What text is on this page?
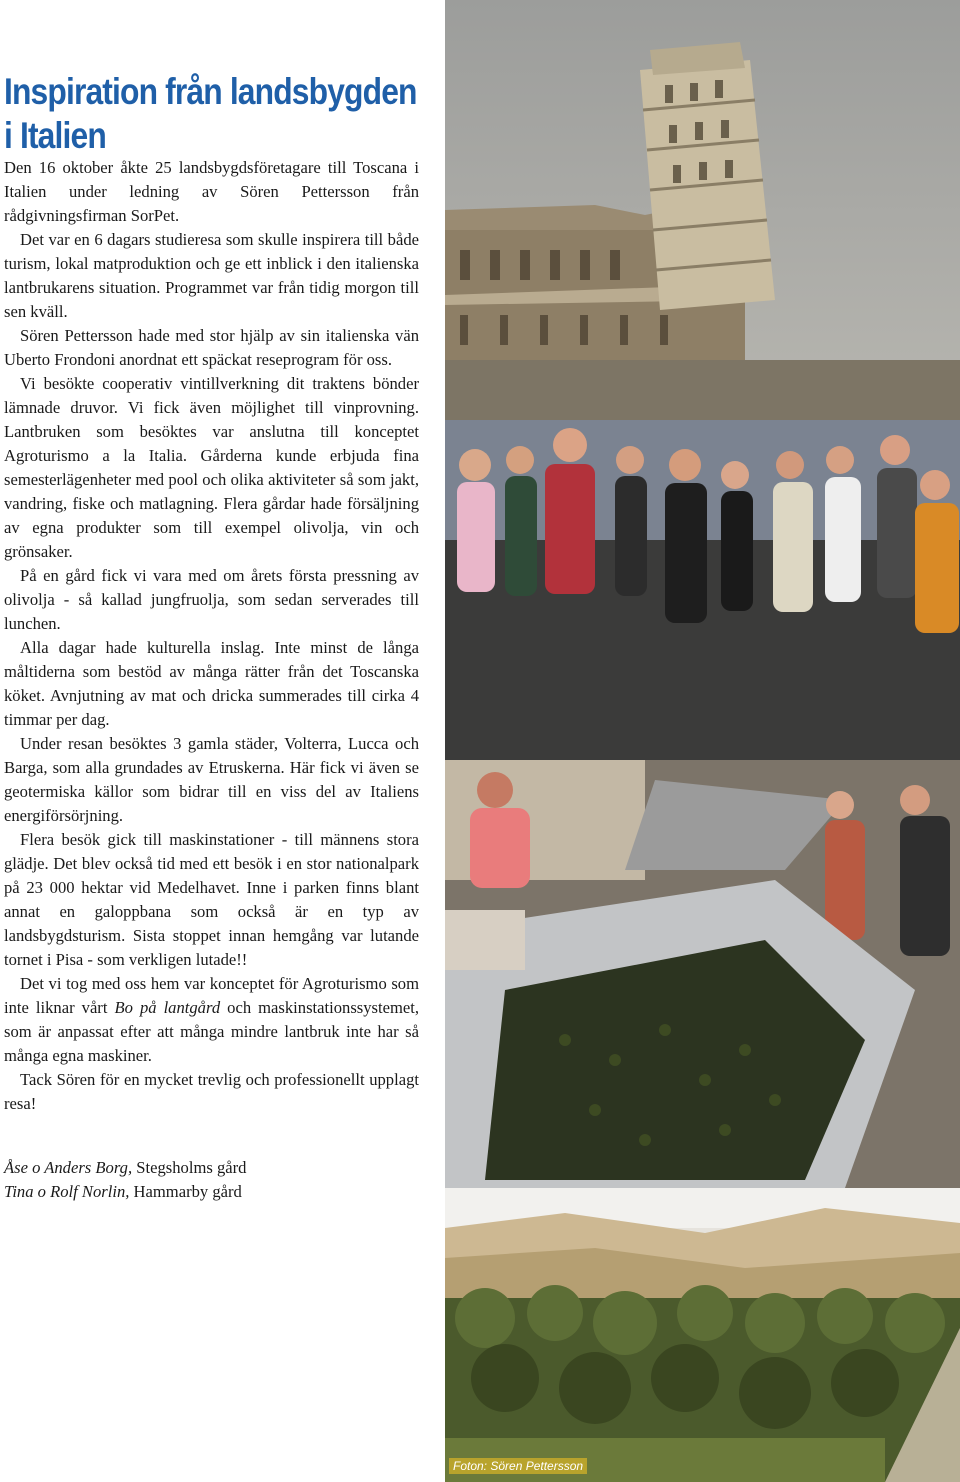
Inspiration från landsbygden i Italien

Den 16 oktober åkte 25 landsbygdsföretagare till Toscana i Italien under ledning av Sören Pettersson från rådgivningsfirman SorPet.

Det var en 6 dagars studieresa som skulle inspirera till både turism, lokal matproduktion och ge ett inblick i den italienska lantbrukarens situation. Programmet var från tidig morgon till sen kväll.

Sören Pettersson hade med stor hjälp av sin italienska vän Uberto Frondoni anordnat ett späckat reseprogram för oss.

Vi besökte cooperativ vintillverkning dit traktens bönder lämnade druvor. Vi fick även möjlighet till vinprovning. Lantbruken som besöktes var anslutna till konceptet Agroturismo a la Italia. Gårderna kunde erbjuda fina semesterlägenheter med pool och olika aktiviteter så som jakt, vandring, fiske och matlagning. Flera gårdar hade försäljning av egna produkter som till exempel olivolja, vin och grönsaker.

På en gård fick vi vara med om årets första pressning av olivolja - så kallad jungfruolja, som sedan serverades till lunchen.

Alla dagar hade kulturella inslag. Inte minst de långa måltiderna som bestöd av många rätter från det Toscanska köket. Avnjutning av mat och dricka summerades till cirka 4 timmar per dag.

Under resan besöktes 3 gamla städer, Volterra, Lucca och Barga, som alla grundades av Etruskerna. Här fick vi även se geotermiska källor som bidrar till en viss del av Italiens energiförsörjning.

Flera besök gick till maskinstationer - till männens stora glädje. Det blev också tid med ett besök i en stor nationalpark på 23 000 hektar vid Medelhavet. Inne i parken finns blant annat en galoppbana som också är en typ av landsbygdsturism. Sista stoppet innan hemgång var lutande tornet i Pisa - som verkligen lutade!!

Det vi tog med oss hem var konceptet för Agroturismo som inte liknar vårt Bo på lantgård och maskinstationssystemet, som är anpassat efter att många mindre lantbruk inte har så många egna maskiner.

Tack Sören för en mycket trevlig och professionellt upplagt resa!

Åse o Anders Borg, Stegsholms gård
Tina o Rolf Norlin, Hammarby gård
Foton: Sören Pettersson
